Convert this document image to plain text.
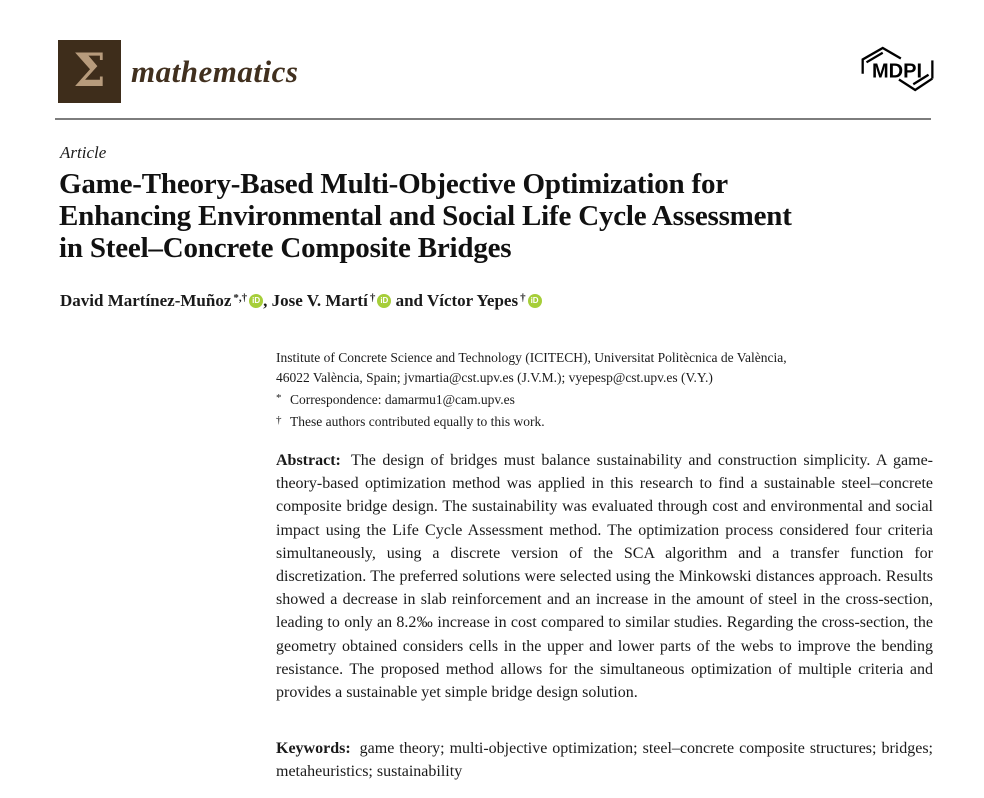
Σ mathematics	MDPI
Article
Game-Theory-Based Multi-Objective Optimization for
Enhancing Environmental and Social Life Cycle Assessment
in Steel–Concrete Composite Bridges
David Martínez-Muñoz *,† iD , Jose V. Martí † iD and Víctor Yepes † iD
Institute of Concrete Science and Technology (ICITECH), Universitat Politècnica de València,
46022 València, Spain; jvmartia@cst.upv.es (J.V.M.); vyepesp@cst.upv.es (V.Y.)
* Correspondence: damarmu1@cam.upv.es
† These authors contributed equally to this work.

Abstract: The design of bridges must balance sustainability and construction simplicity. A game-theory-based optimization method was applied in this research to find a sustainable steel–concrete composite bridge design. The sustainability was evaluated through cost and environmental and social impact using the Life Cycle Assessment method. The optimization process considered four criteria simultaneously, using a discrete version of the SCA algorithm and a transfer function for discretization. The preferred solutions were selected using the Minkowski distances approach. Results showed a decrease in slab reinforcement and an increase in the amount of steel in the cross-section, leading to only an 8.2‰ increase in cost compared to similar studies. Regarding the cross-section, the geometry obtained considers cells in the upper and lower parts of the webs to improve the bending resistance. The proposed method allows for the simultaneous optimization of multiple criteria and provides a sustainable yet simple bridge design solution.

Keywords: game theory; multi-objective optimization; steel–concrete composite structures; bridges; metaheuristics; sustainability
